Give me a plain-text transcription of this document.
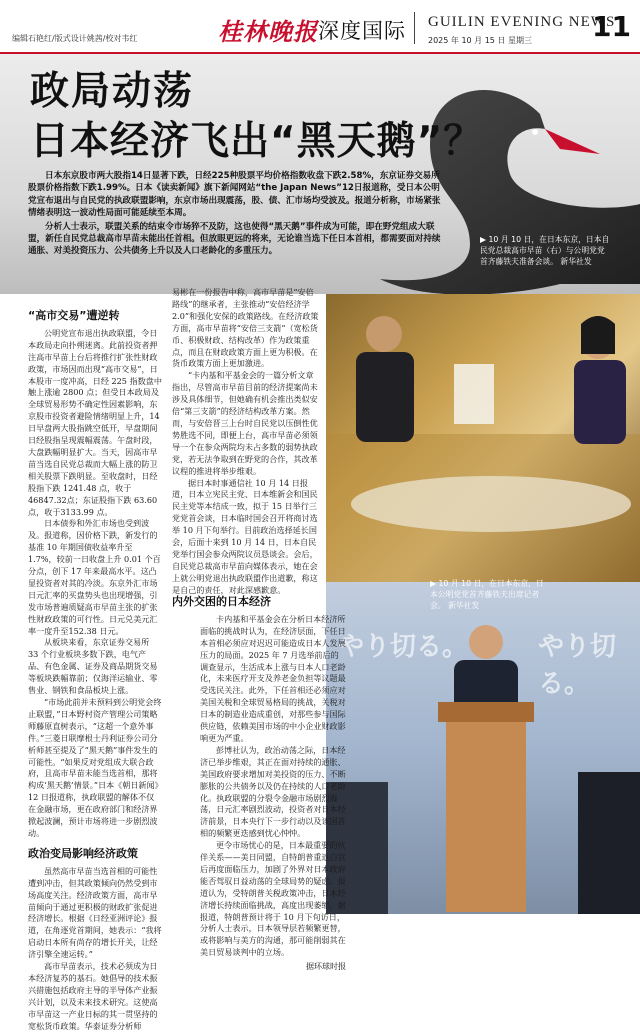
编辑石艳红/版式设计姚茜/校对韦红	桂林晚报 深度国际 GUILIN EVENING NEWS
2025 年 10 月 15 日 星期三 11
政局动荡
日本经济飞出“黑天鹅”？

日本东京股市两大股指14日显著下跌，日经225种股票平均价格指数收盘下跌2.58%，东京证券交易所股票价格指数下跌1.99%。日本《读卖新闻》旗下新闻网站“the Japan News”12日报道称，受日本公明党宣布退出与自民党的执政联盟影响，东京市场出现震荡，股、债、汇市场均受波及。报道分析称，市场紧张情绪表明这一波动性局面可能延续至本周。

分析人士表示，联盟关系的结束令市场猝不及防，这也使得“黑天鹅”事件成为可能，即在野党组成大联盟，新任自民党总裁高市早苗未能出任首相。但放眼更远的将来，无论谁当选下任日本首相，都需要面对持续通胀、对美投资压力、公共债务上升以及人口老龄化的多重压力。

▶ 10 月 10 日，在日本东京，日本自民党总裁高市早苗（右）与公明党党首齐藤铁夫准备会谈。 新华社发
やり切る。	やり切る。
▶ 10 月 10 日，在日本东京，日本公明党党首齐藤铁夫出席记者会。 新华社发
“高市交易”遭逆转

公明党宣布退出执政联盟，令日本政局走向扑朔迷离。此前投资者押注高市早苗上台后将推行扩张性财政政策，市场因而出现“高市交易”，日本股市一度冲高，日经 225 指数盘中触上涨逾 2800 点；但受日本政局及全球贸易形势不确定性因素影响，东京股市投资者避险情绪明显上升，14 日早盘两大股指跳空低开，早盘期间日经股指呈现震幅震荡。午盘时段，大盘跌幅明显扩大。当天，因高市早苗当选自民党总裁而大幅上涨的防卫相关股票下跌明显。至收盘时，日经股指下跌 1241.48 点，收于 46847.32点；东证股指下跌 63.60 点，收于3133.99 点。

日本债券和外汇市场也受到波及。报道称，因价格下跌，新发行的基准 10 年期国债收益率升至 1.7%，较前一日收盘上升 0.01 个百分点，创下 17 年来最高水平。这凸显投资者对其的冷淡。东京外汇市场日元汇率的买盘势头也出现增强，引发市场普遍质疑高市早苗主张的扩张性财政政策的可行性。日元兑美元汇率一度升至152.38 日元。

从板块来看，东京证券交易所 33 个行业板块多数下跌，电气产品、有色金属、证券及商品期货交易等板块跌幅靠前；仅海洋运输业、零售业、钢铁和食品板块上涨。

“市场此前并未预料到公明党会终止联盟，”日本野村资产管理公司策略师藤原直树表示，“这超一个意外事件。”三菱日联摩根士丹利证券公司分析师甚至提及了“黑天鹅”事件发生的可能性。“如果反对党组成大联合政府，且高市早苗未能当选首相，那将构成‘黑天鹅’情景。”日本《朝日新闻》12 日报道称，执政联盟的解体不仅在金融市场，更在政府部门和经济界掀起波澜，预计市场将进一步剧烈波动。

政治变局影响经济政策

虽然高市早苗当选首相的可能性遭到冲击，但其政策倾向仍然受到市场高度关注。经济政策方面，高市早苗倾向于通过更积极的财政扩张促进经济增长。根据《日经亚洲评论》报道，在角逐党首期间，她表示：“我将启动日本所有尚存的增长开关，让经济引擎全速运转。”

高市早苗表示，技术必须成为日本经济复苏的基石。她倡导的技术振兴措施包括政府主导的半导体产业振兴计划，以及未来技术研究。这使高市早苗这一产业日标的其一贯坚持的宽松货币政策。华泰证券分析师

易彬在一份报告中称，高市早苗是“安倍路线”的继承者，主张推动“安倍经济学2.0”和强化安保的政策路线。在经济政策方面，高市早苗将“安倍三支箭”（宽松货币、积极财政、结构改革）作为政策重点，而且在财政政策方面上更为积极。在货币政策方面上更加激进。

“卡内基和平基金会的一篇分析文章指出，尽管高市早苗目前的经济提案尚未涉及具体细节，但她确有机会推出类似安倍“第三支箭”的经济结构改革方案。然而，与安倍晋三上台时自民党以压倒性优势胜选不同，即便上台，高市早苗必须领导一个在参众两院均未占多数的弱势执政党，若无法争取到在野党的合作，其改革议程的推进将举步维艰。

据日本时事通信社 10 月 14 日报道，日本立宪民主党、日本维新会和国民民主党等本结成一致，拟于 15 日举行三党党首会谈，日本临时国会召开将商讨选举 10 月下旬举行。目前政治选择延长国会，后面十来到 10 月 14 日，日本自民党举行国会参众两院议员恳谈会。会后，自民党总裁高市早苗向媒体表示，她在会上就公明党退出执政联盟作出道歉，称这是自己的责任，对此深感歉意。

内外交困的日本经济

卡内基和平基金会在分析日本经济所面临的挑战时认为，在经济层面，下任日本首相必须应对迟迟可能造成日本人发展压力的局面。2025 年 7 月选举前后的调查显示，生活成本上涨与日本人口老龄化，未来医疗开支及养老金负担等议题最受选民关注。此外，下任首相还必须应对美国关税和全球贸易格局的挑战，关税对日本的制造业造成重创，对那些参与国际供应链，依赖美国市场的中小企业财政影响更为严重。

彭博社认为，政治动荡之际，日本经济已举步维艰，其正在面对持续的通胀、美国政府要求增加对美投资的压力、不断膨胀的公共债务以及仍在持续的人口老龄化。执政联盟的分裂令金融市场剧烈震荡，日元汇率剧烈波动，投资者对日本经济前景，日本央行下一步行动以及该国首相的频繁更迭感到忧心忡忡。

更令市场忧心的是，日本最重要的伙伴关系——美日同盟，自特朗普重返白宫后再度面临压力，加剧了外界对日本政府能否驾驭日益动荡的全球局势的疑虑。报道认为，受特朗普关税政策冲击，日本经济增长持续面临挑战，高度出现萎缩，据报道，特朗普预计将于 10 月下旬访日，分析人士表示，日本领导层若频繁更替，或将影响与美方的沟通，那可能削弱其在美日贸易谈判中的立场。

据环球时报
